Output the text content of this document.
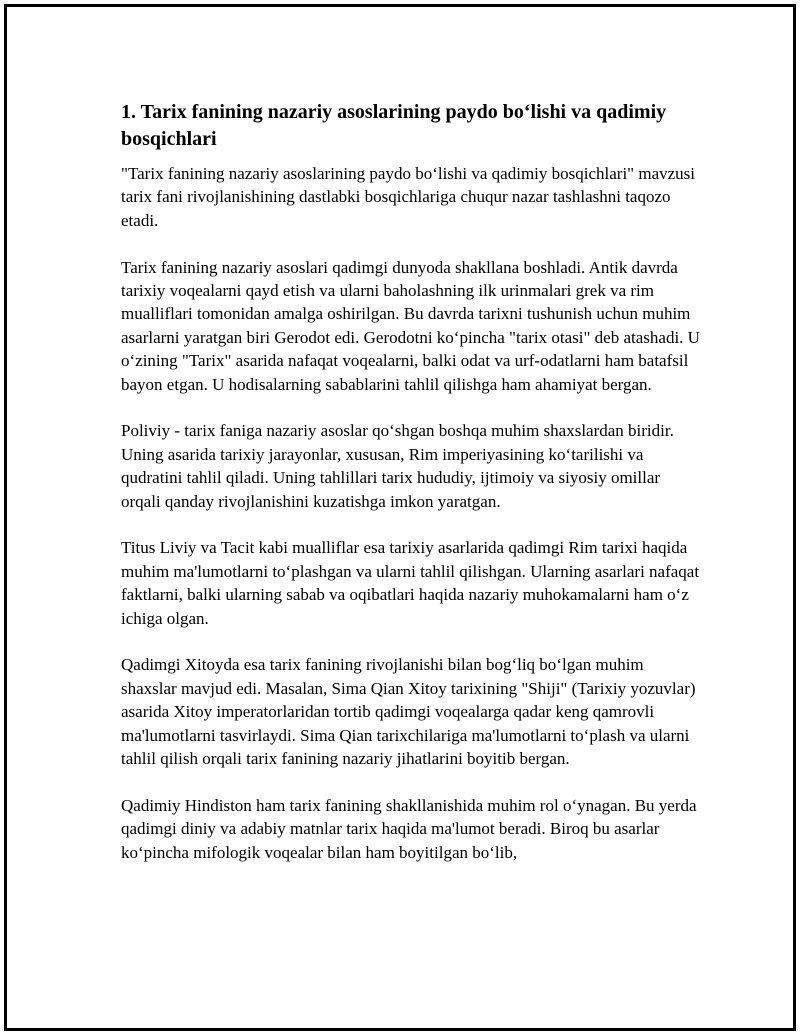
1. Tarix fanining nazariy asoslarining paydo bo‘lishi va qadimiy bosqichlari

"Tarix fanining nazariy asoslarining paydo bo‘lishi va qadimiy bosqichlari" mavzusi tarix fani rivojlanishining dastlabki bosqichlariga chuqur nazar tashlashni taqozo etadi.

Tarix fanining nazariy asoslari qadimgi dunyoda shakllana boshladi. Antik davrda tarixiy voqealarni qayd etish va ularni baholashning ilk urinmalari grek va rim mualliflari tomonidan amalga oshirilgan. Bu davrda tarixni tushunish uchun muhim asarlarni yaratgan biri Gerodot edi. Gerodotni ko‘pincha "tarix otasi" deb atashadi. U o‘zining "Tarix" asarida nafaqat voqealarni, balki odat va urf-odatlarni ham batafsil bayon etgan. U hodisalarning sabablarini tahlil qilishga ham ahamiyat bergan.

Poliviy - tarix faniga nazariy asoslar qo‘shgan boshqa muhim shaxslardan biridir. Uning asarida tarixiy jarayonlar, xususan, Rim imperiyasining ko‘tarilishi va qudratini tahlil qiladi. Uning tahlillari tarix hududiy, ijtimoiy va siyosiy omillar orqali qanday rivojlanishini kuzatishga imkon yaratgan.

Titus Liviy va Tacit kabi mualliflar esa tarixiy asarlarida qadimgi Rim tarixi haqida muhim ma'lumotlarni to‘plashgan va ularni tahlil qilishgan. Ularning asarlari nafaqat faktlarni, balki ularning sabab va oqibatlari haqida nazariy muhokamalarni ham o‘z ichiga olgan.

Qadimgi Xitoyda esa tarix fanining rivojlanishi bilan bog‘liq bo‘lgan muhim shaxslar mavjud edi. Masalan, Sima Qian Xitoy tarixining "Shiji" (Tarixiy yozuvlar) asarida Xitoy imperatorlaridan tortib qadimgi voqealarga qadar keng qamrovli ma'lumotlarni tasvirlaydi. Sima Qian tarixchilariga ma'lumotlarni to‘plash va ularni tahlil qilish orqali tarix fanining nazariy jihatlarini boyitib bergan.

Qadimiy Hindiston ham tarix fanining shakllanishida muhim rol o‘ynagan. Bu yerda qadimgi diniy va adabiy matnlar tarix haqida ma'lumot beradi. Biroq bu asarlar ko‘pincha mifologik voqealar bilan ham boyitilgan bo‘lib,
